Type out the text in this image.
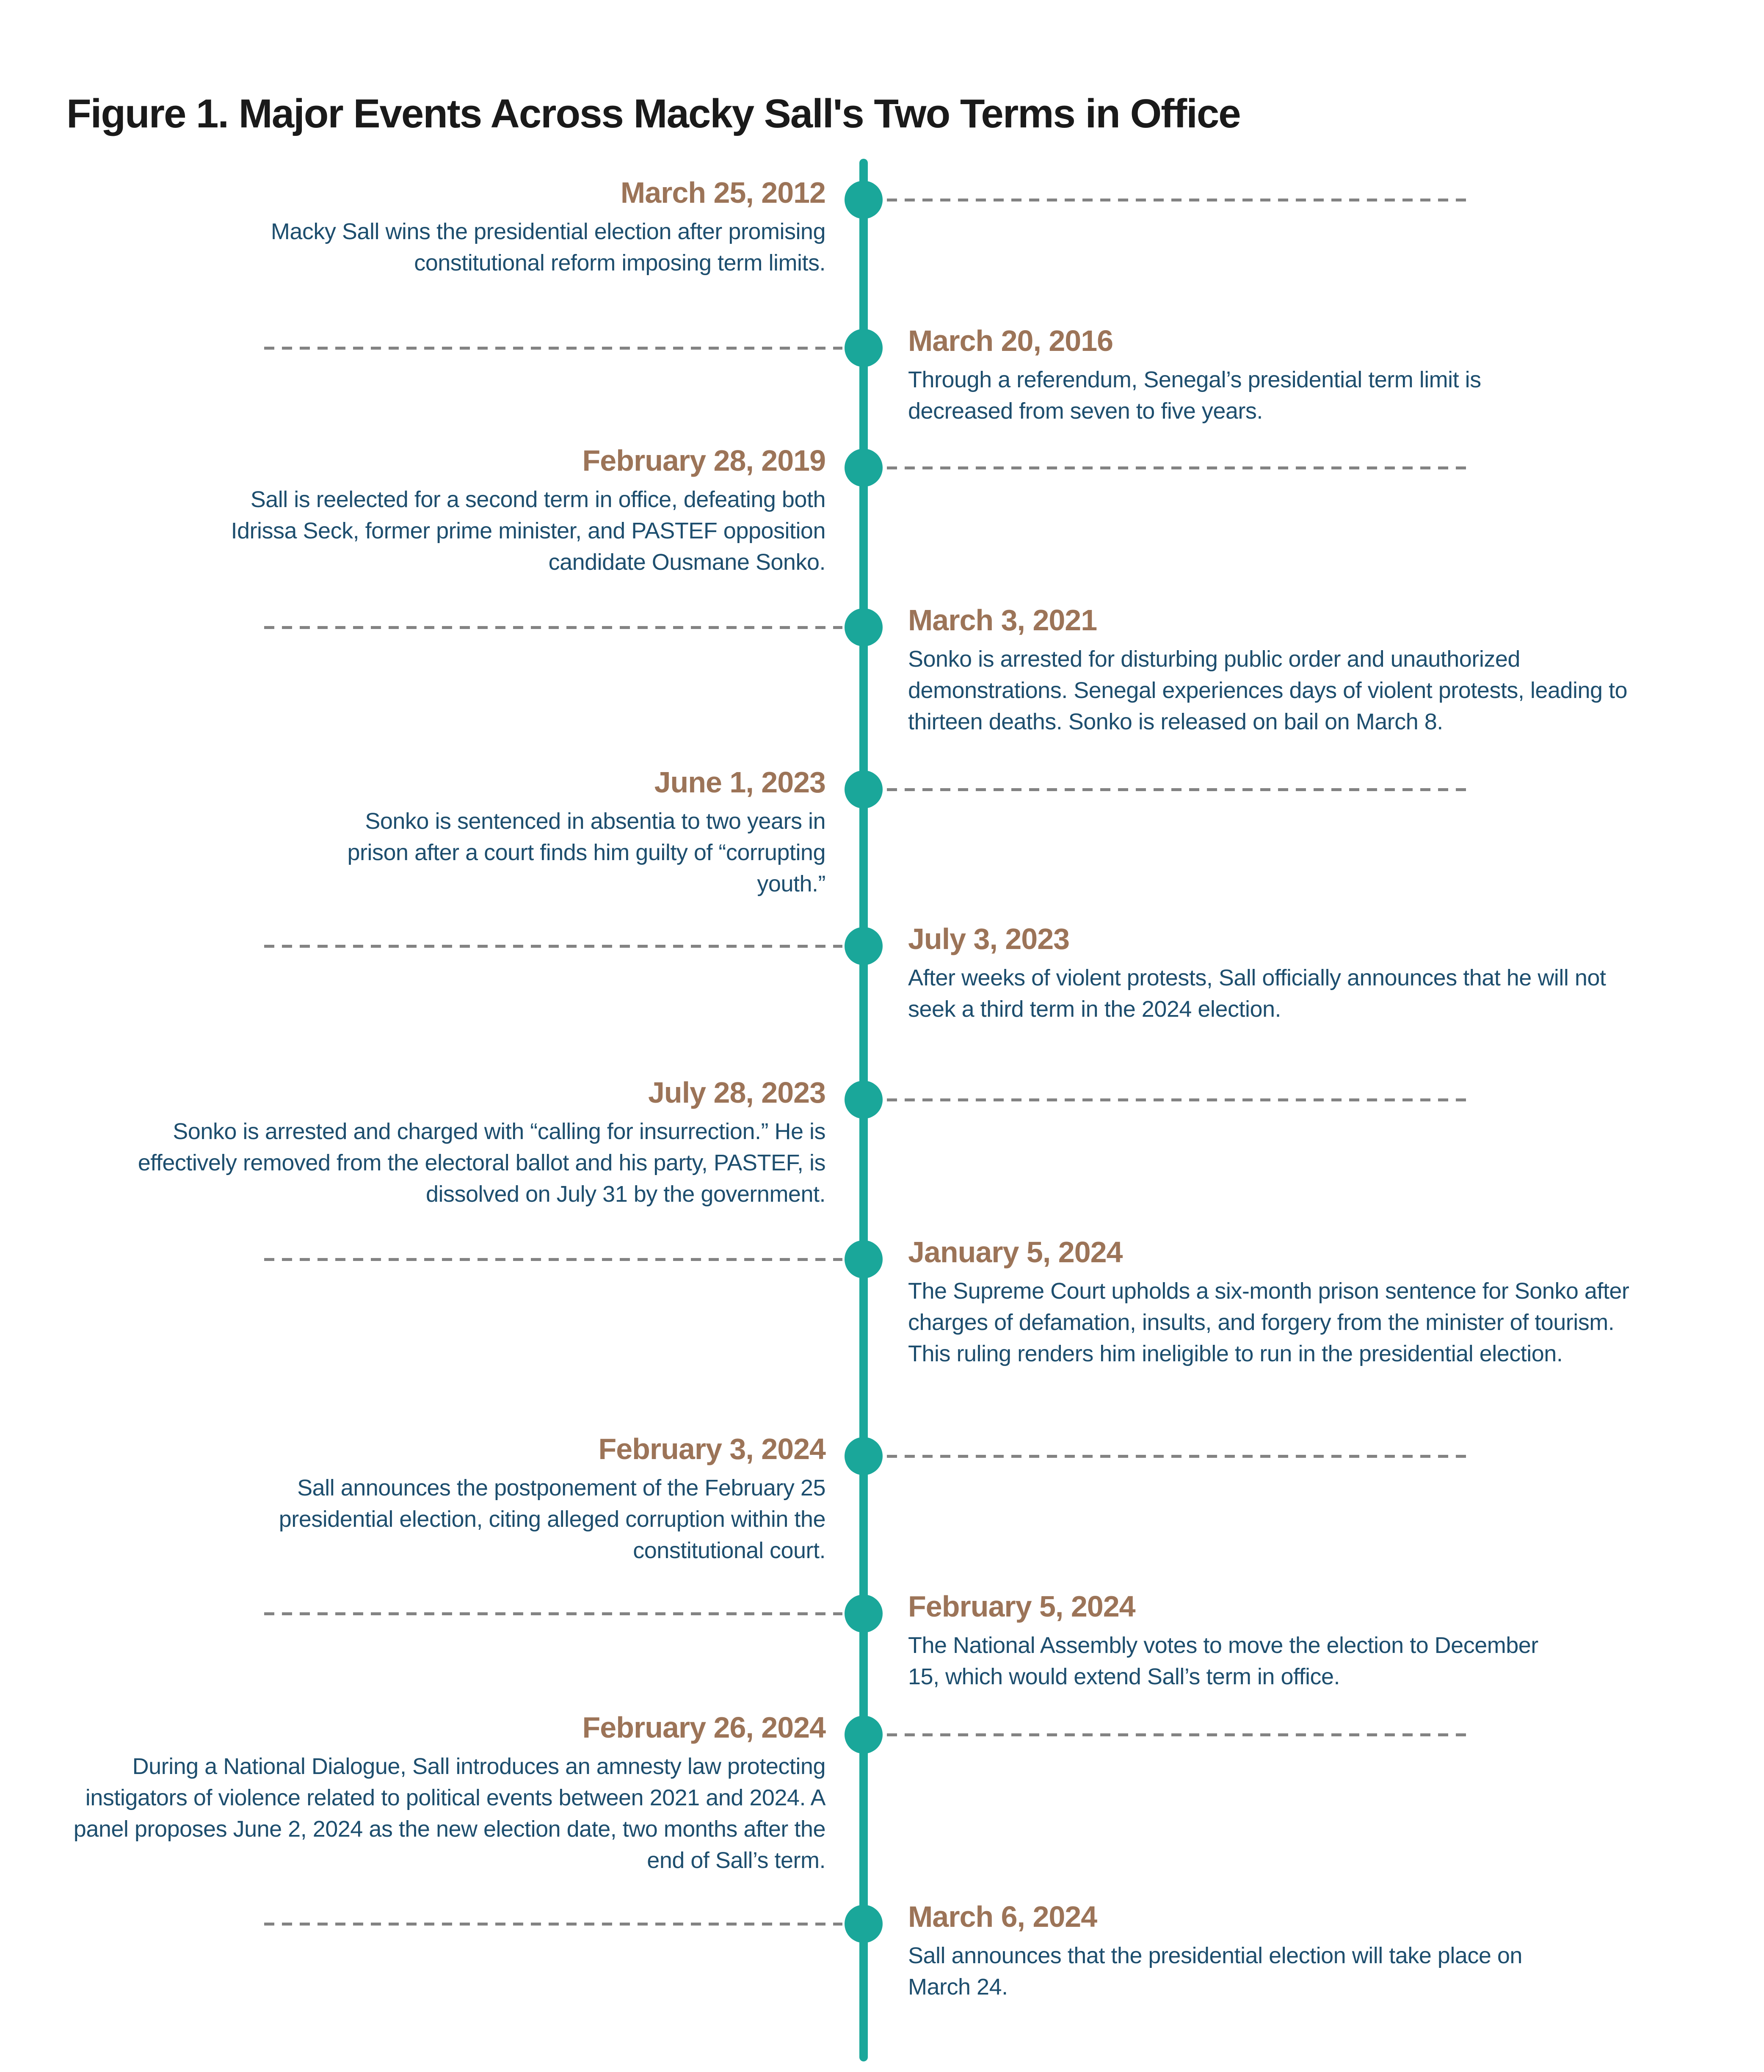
Figure 1. Major Events Across Macky Sall's Two Terms in Office
March 25, 2012

Macky Sall wins the presidential election after promising constitutional reform imposing term limits.

March 20, 2016

Through a referendum, Senegal’s presidential term limit is decreased from seven to five years.

February 28, 2019

Sall is reelected for a second term in office, defeating both Idrissa Seck, former prime minister, and PASTEF opposition candidate Ousmane Sonko.

March 3, 2021

Sonko is arrested for disturbing public order and unauthorized demonstrations. Senegal experiences days of violent protests, leading to thirteen deaths. Sonko is released on bail on March 8.

June 1, 2023

Sonko is sentenced in absentia to two years in prison after a court finds him guilty of “corrupting youth.”

July 3, 2023

After weeks of violent protests, Sall officially announces that he will not seek a third term in the 2024 election.

July 28, 2023

Sonko is arrested and charged with “calling for insurrection.” He is effectively removed from the electoral ballot and his party, PASTEF, is dissolved on July 31 by the government.

January 5, 2024

The Supreme Court upholds a six-month prison sentence for Sonko after charges of defamation, insults, and forgery from the minister of tourism. This ruling renders him ineligible to run in the presidential election.

February 3, 2024

Sall announces the postponement of the February 25 presidential election, citing alleged corruption within the constitutional court.

February 5, 2024

The National Assembly votes to move the election to December 15, which would extend Sall’s term in office.

February 26, 2024

During a National Dialogue, Sall introduces an amnesty law protecting instigators of violence related to political events between 2021 and 2024. A panel proposes June 2, 2024 as the new election date, two months after the end of Sall’s term.

March 6, 2024

Sall announces that the presidential election will take place on March 24.
